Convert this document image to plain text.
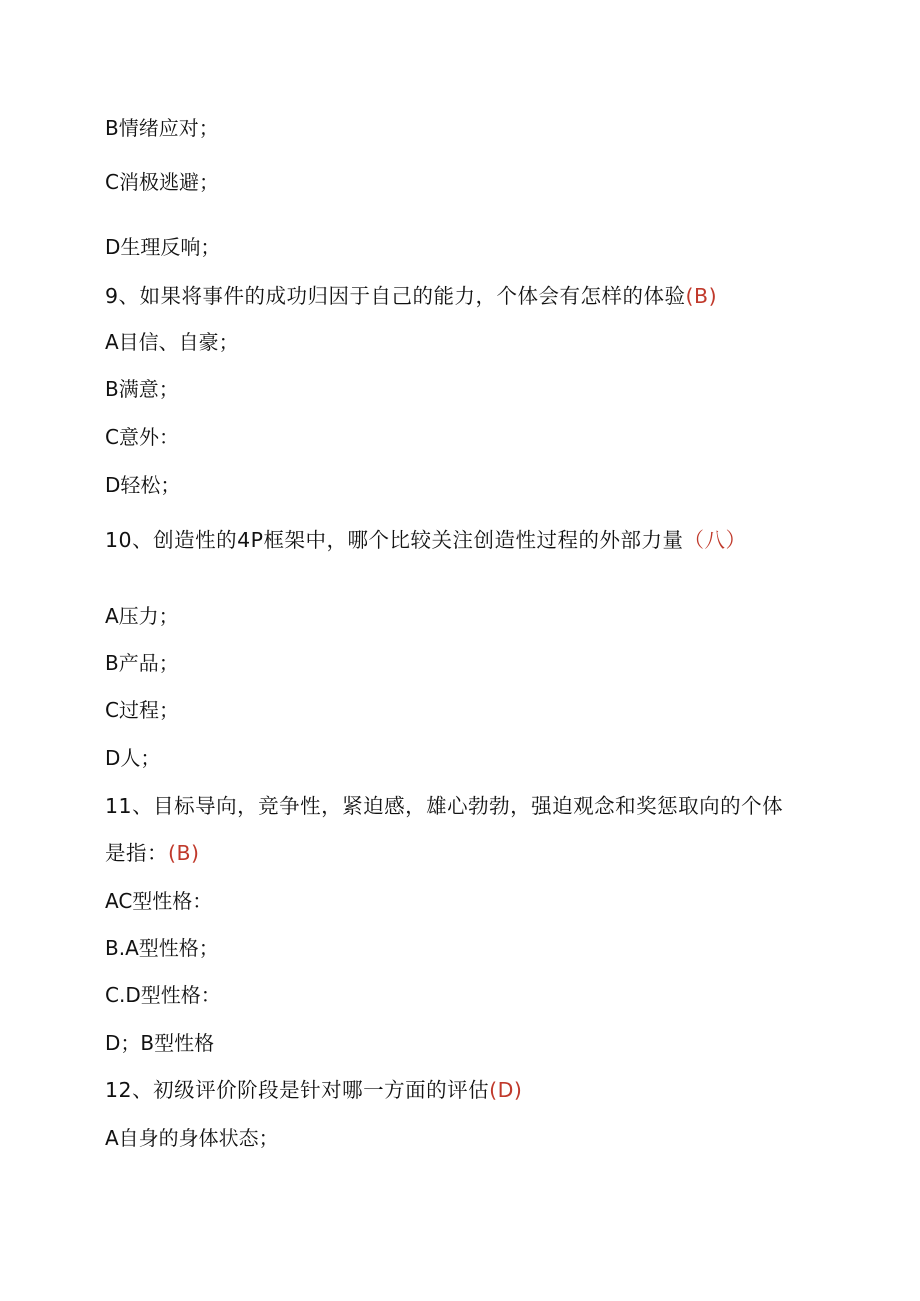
B情绪应对；
C消极逃避；
D生理反响；
9、如果将事件的成功归因于自己的能力，个体会有怎样的体验(B)
A目信、自豪；
B满意；
C意外：
D轻松；
10、创造性的4P框架中，哪个比较关注创造性过程的外部力量（八）
A压力；
B产品；
C过程；
D人；
11、目标导向，竞争性，紧迫感，雄心勃勃，强迫观念和奖惩取向的个体
是指：(B)
AC型性格：
B.A型性格；
C.D型性格：
D；B型性格
12、初级评价阶段是针对哪一方面的评估(D)
A自身的身体状态；
